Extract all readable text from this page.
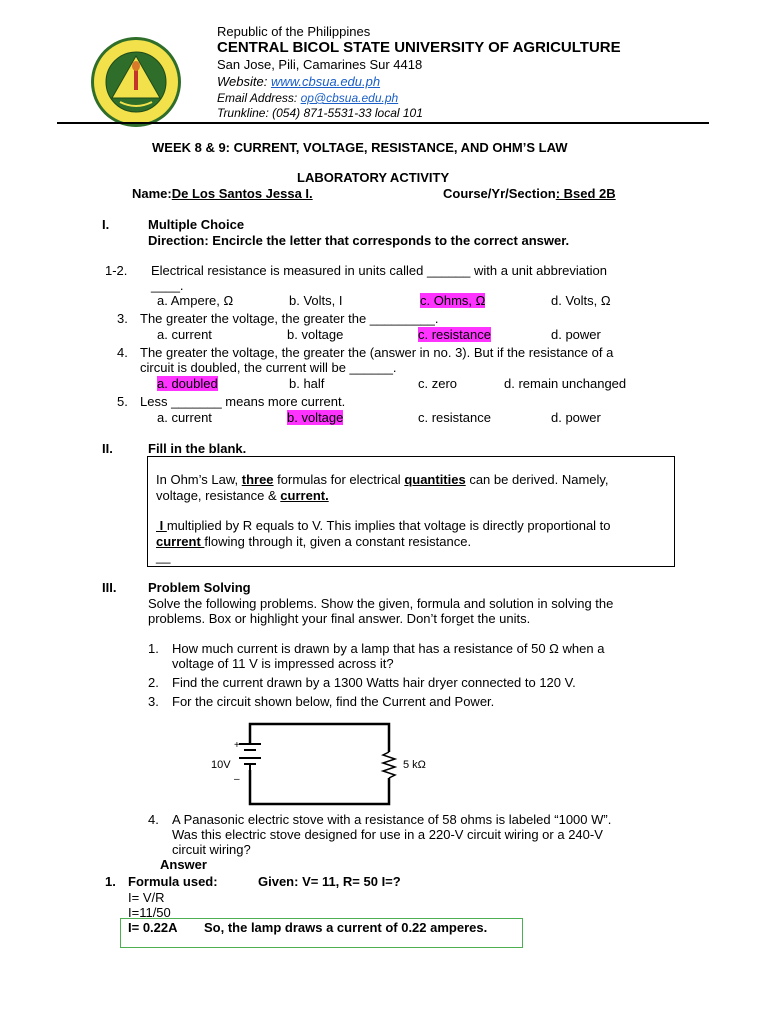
Republic of the Philippines
CENTRAL BICOL STATE UNIVERSITY OF AGRICULTURE
San Jose, Pili, Camarines Sur 4418
Website: www.cbsua.edu.ph
Email Address: op@cbsua.edu.ph
Trunkline: (054) 871-5531-33 local 101
WEEK 8 & 9: CURRENT, VOLTAGE, RESISTANCE, AND OHM’S LAW
LABORATORY ACTIVITY
Name:De Los Santos Jessa I.	Course/Yr/Section: Bsed 2B
I.	Multiple Choice
Direction: Encircle the letter that corresponds to the correct answer.
1-2. Electrical resistance is measured in units called ______ with a unit abbreviation
____.
a. Ampere, Ω	b. Volts, I	c. Ohms, Ω	d. Volts, Ω
3. The greater the voltage, the greater the _________.
a. current	b. voltage	c. resistance	d. power
4. The greater the voltage, the greater the (answer in no. 3). But if the resistance of a
circuit is doubled, the current will be ______.
a. doubled	b. half	c. zero	d. remain unchanged
5. Less _______ means more current.
a. current	b. voltage	c. resistance	d. power
II.	Fill in the blank.
In Ohm’s Law, three formulas for electrical quantities can be derived. Namely,
voltage, resistance & current.
I multiplied by R equals to V. This implies that voltage is directly proportional to
current flowing through it, given a constant resistance.
__
III. Problem Solving
Solve the following problems. Show the given, formula and solution in solving the
problems. Box or highlight your final answer. Don’t forget the units.
1. How much current is drawn by a lamp that has a resistance of 50 Ω when a
voltage of 11 V is impressed across it?
2. Find the current drawn by a 1300 Watts hair dryer connected to 120 V.
3. For the circuit shown below, find the Current and Power.
+
–
10V	5 kΩ
4. A Panasonic electric stove with a resistance of 58 ohms is labeled “1000 W”.
Was this electric stove designed for use in a 220-V circuit wiring or a 240-V
circuit wiring?
Answer
1. Formula used:	Given: V= 11, R= 50 I=?
I= V/R
I=11/50
I= 0.22A So, the lamp draws a current of 0.22 amperes.
